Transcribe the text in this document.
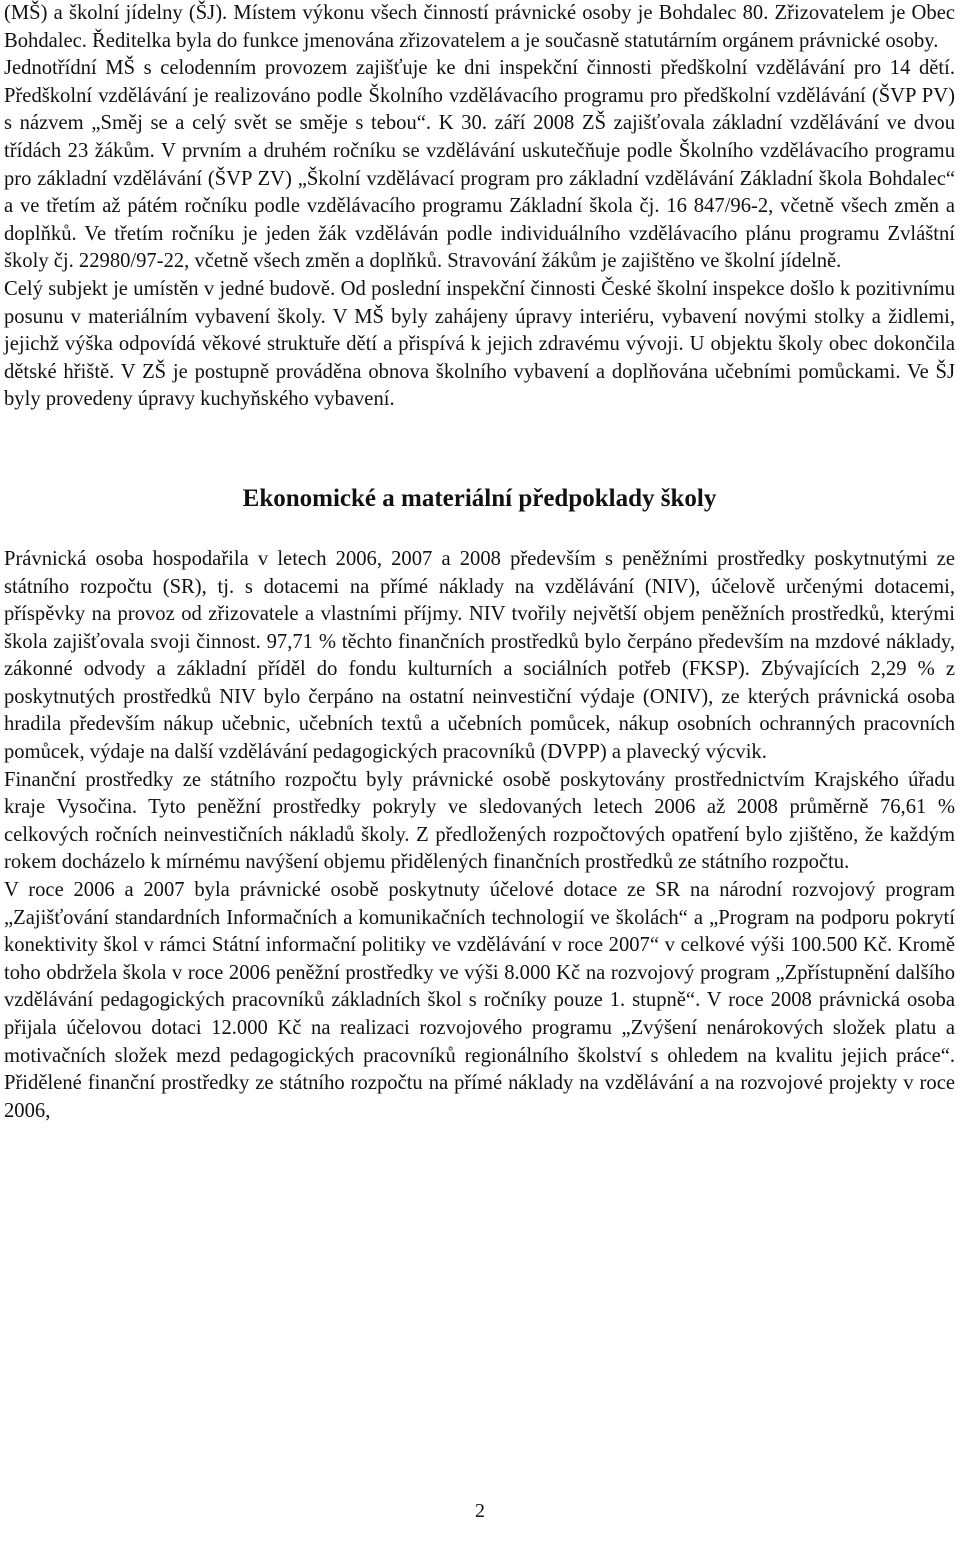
(MŠ) a školní jídelny (ŠJ). Místem výkonu všech činností právnické osoby je Bohdalec 80. Zřizovatelem je Obec Bohdalec. Ředitelka byla do funkce jmenována zřizovatelem a je současně statutárním orgánem právnické osoby.

Jednotřídní MŠ s celodenním provozem zajišťuje ke dni inspekční činnosti předškolní vzdělávání pro 14 dětí. Předškolní vzdělávání je realizováno podle Školního vzdělávacího programu pro předškolní vzdělávání (ŠVP PV) s názvem „Směj se a celý svět se směje s tebou“. K 30. září 2008 ZŠ zajišťovala základní vzdělávání ve dvou třídách 23 žákům. V prvním a druhém ročníku se vzdělávání uskutečňuje podle Školního vzdělávacího programu pro základní vzdělávání (ŠVP ZV) „Školní vzdělávací program pro základní vzdělávání Základní škola Bohdalec“ a ve třetím až pátém ročníku podle vzdělávacího programu Základní škola čj. 16 847/96-2, včetně všech změn a doplňků. Ve třetím ročníku je jeden žák vzděláván podle individuálního vzdělávacího plánu programu Zvláštní školy čj. 22980/97-22, včetně všech změn a doplňků. Stravování žákům je zajištěno ve školní jídelně.

Celý subjekt je umístěn v jedné budově. Od poslední inspekční činnosti České školní inspekce došlo k pozitivnímu posunu v materiálním vybavení školy. V MŠ byly zahájeny úpravy interiéru, vybavení novými stolky a židlemi, jejichž výška odpovídá věkové struktuře dětí a přispívá k jejich zdravému vývoji. U objektu školy obec dokončila dětské hřiště. V ZŠ je postupně prováděna obnova školního vybavení a doplňována učebními pomůckami. Ve ŠJ byly provedeny úpravy kuchyňského vybavení.

Ekonomické a materiální předpoklady školy

Právnická osoba hospodařila v letech 2006, 2007 a 2008 především s peněžními prostředky poskytnutými ze státního rozpočtu (SR), tj. s dotacemi na přímé náklady na vzdělávání (NIV), účelově určenými dotacemi, příspěvky na provoz od zřizovatele a vlastními příjmy. NIV tvořily největší objem peněžních prostředků, kterými škola zajišťovala svoji činnost. 97,71 % těchto finančních prostředků bylo čerpáno především na mzdové náklady, zákonné odvody a základní příděl do fondu kulturních a sociálních potřeb (FKSP). Zbývajících 2,29 % z poskytnutých prostředků NIV bylo čerpáno na ostatní neinvestiční výdaje (ONIV), ze kterých právnická osoba hradila především nákup učebnic, učebních textů a učebních pomůcek, nákup osobních ochranných pracovních pomůcek, výdaje na další vzdělávání pedagogických pracovníků (DVPP) a plavecký výcvik.

Finanční prostředky ze státního rozpočtu byly právnické osobě poskytovány prostřednictvím Krajského úřadu kraje Vysočina. Tyto peněžní prostředky pokryly ve sledovaných letech 2006 až 2008 průměrně 76,61 % celkových ročních neinvestičních nákladů školy. Z předložených rozpočtových opatření bylo zjištěno, že každým rokem docházelo k mírnému navýšení objemu přidělených finančních prostředků ze státního rozpočtu.

V roce 2006 a 2007 byla právnické osobě poskytnuty účelové dotace ze SR na národní rozvojový program „Zajišťování standardních Informačních a komunikačních technologií ve školách“ a „Program na podporu pokrytí konektivity škol v rámci Státní informační politiky ve vzdělávání v roce 2007“ v celkové výši 100.500 Kč. Kromě toho obdržela škola v roce 2006 peněžní prostředky ve výši 8.000 Kč na rozvojový program „Zpřístupnění dalšího vzdělávání pedagogických pracovníků základních škol s ročníky pouze 1. stupně“. V roce 2008 právnická osoba přijala účelovou dotaci 12.000 Kč na realizaci rozvojového programu „Zvýšení nenárokových složek platu a motivačních složek mezd pedagogických pracovníků regionálního školství s ohledem na kvalitu jejich práce“. Přidělené finanční prostředky ze státního rozpočtu na přímé náklady na vzdělávání a na rozvojové projekty v roce 2006,

2
